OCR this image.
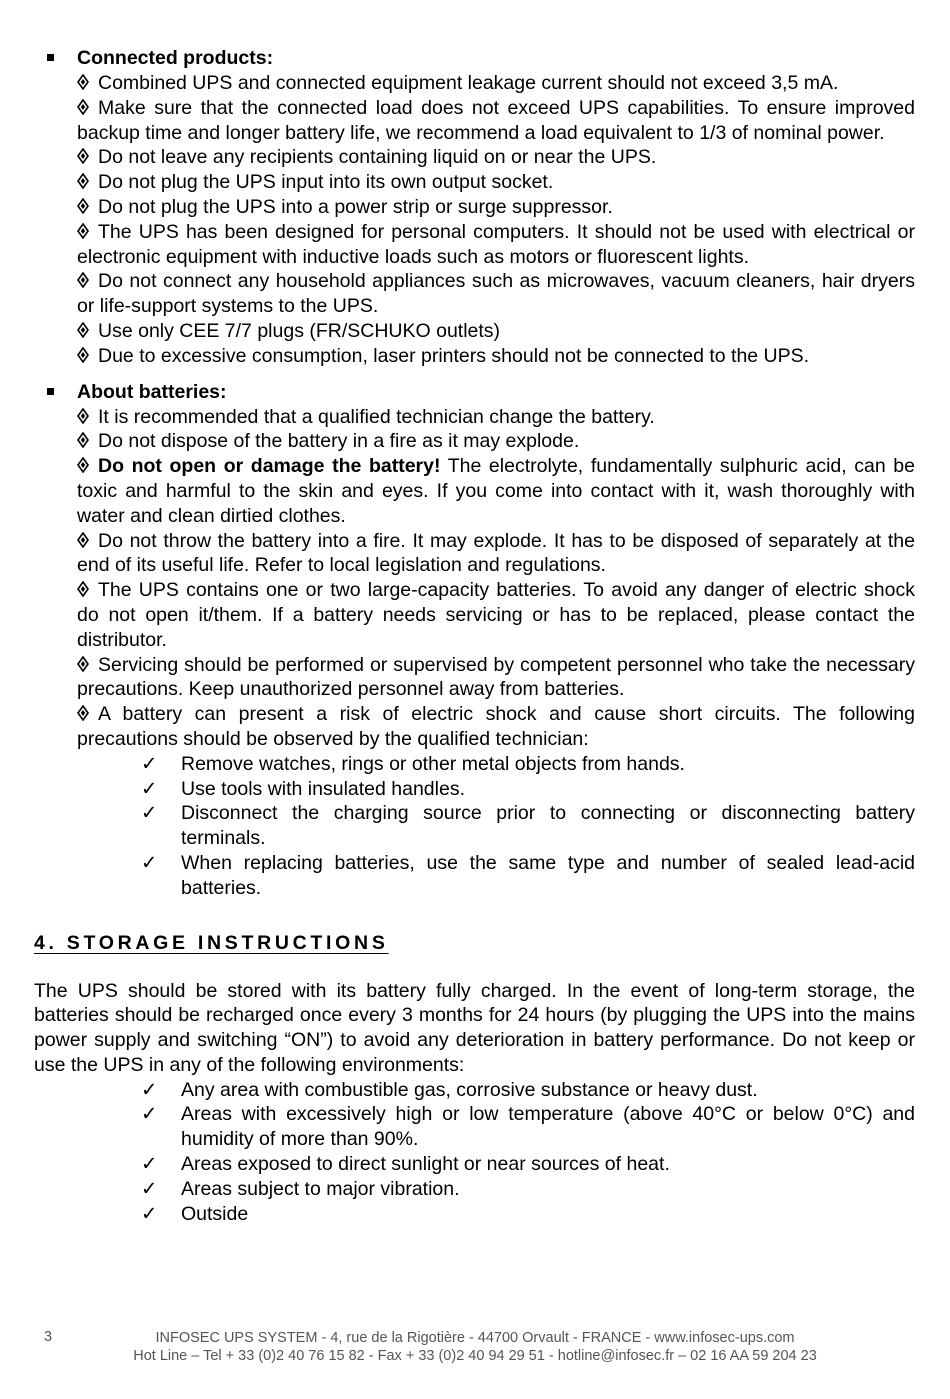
Connected products:

Combined UPS and connected equipment leakage current should not exceed 3,5 mA.

Make sure that the connected load does not exceed UPS capabilities. To ensure improved backup time and longer battery life, we recommend a load equivalent to 1/3 of nominal power.

Do not leave any recipients containing liquid on or near the UPS.

Do not plug the UPS input into its own output socket.

Do not plug the UPS into a power strip or surge suppressor.

The UPS has been designed for personal computers. It should not be used with electrical or electronic equipment with inductive loads such as motors or fluorescent lights.

Do not connect any household appliances such as microwaves, vacuum cleaners, hair dryers or life-support systems to the UPS.

Use only CEE 7/7 plugs (FR/SCHUKO outlets)

Due to excessive consumption, laser printers should not be connected to the UPS.

About batteries:

It is recommended that a qualified technician change the battery.

Do not dispose of the battery in a fire as it may explode.

Do not open or damage the battery! The electrolyte, fundamentally sulphuric acid, can be toxic and harmful to the skin and eyes. If you come into contact with it, wash thoroughly with water and clean dirtied clothes.

Do not throw the battery into a fire. It may explode. It has to be disposed of separately at the end of its useful life. Refer to local legislation and regulations.

The UPS contains one or two large-capacity batteries. To avoid any danger of electric shock do not open it/them. If a battery needs servicing or has to be replaced, please contact the distributor.

Servicing should be performed or supervised by competent personnel who take the necessary precautions. Keep unauthorized personnel away from batteries.

A battery can present a risk of electric shock and cause short circuits. The following precautions should be observed by the qualified technician:

✓ Remove watches, rings or other metal objects from hands.
✓ Use tools with insulated handles.
✓ Disconnect the charging source prior to connecting or disconnecting battery terminals.
✓ When replacing batteries, use the same type and number of sealed lead-acid batteries.
4. STORAGE INSTRUCTIONS
The UPS should be stored with its battery fully charged. In the event of long-term storage, the batteries should be recharged once every 3 months for 24 hours (by plugging the UPS into the mains power supply and switching “ON”) to avoid any deterioration in battery performance. Do not keep or use the UPS in any of the following environments:
✓ Any area with combustible gas, corrosive substance or heavy dust.
✓ Areas with excessively high or low temperature (above 40°C or below 0°C) and humidity of more than 90%.
✓ Areas exposed to direct sunlight or near sources of heat.
✓ Areas subject to major vibration.
✓ Outside
3	INFOSEC UPS SYSTEM - 4, rue de la Rigotière - 44700 Orvault - FRANCE - www.infosec-ups.com
Hot Line – Tel + 33 (0)2 40 76 15 82 - Fax + 33 (0)2 40 94 29 51 - hotline@infosec.fr – 02 16 AA 59 204 23
